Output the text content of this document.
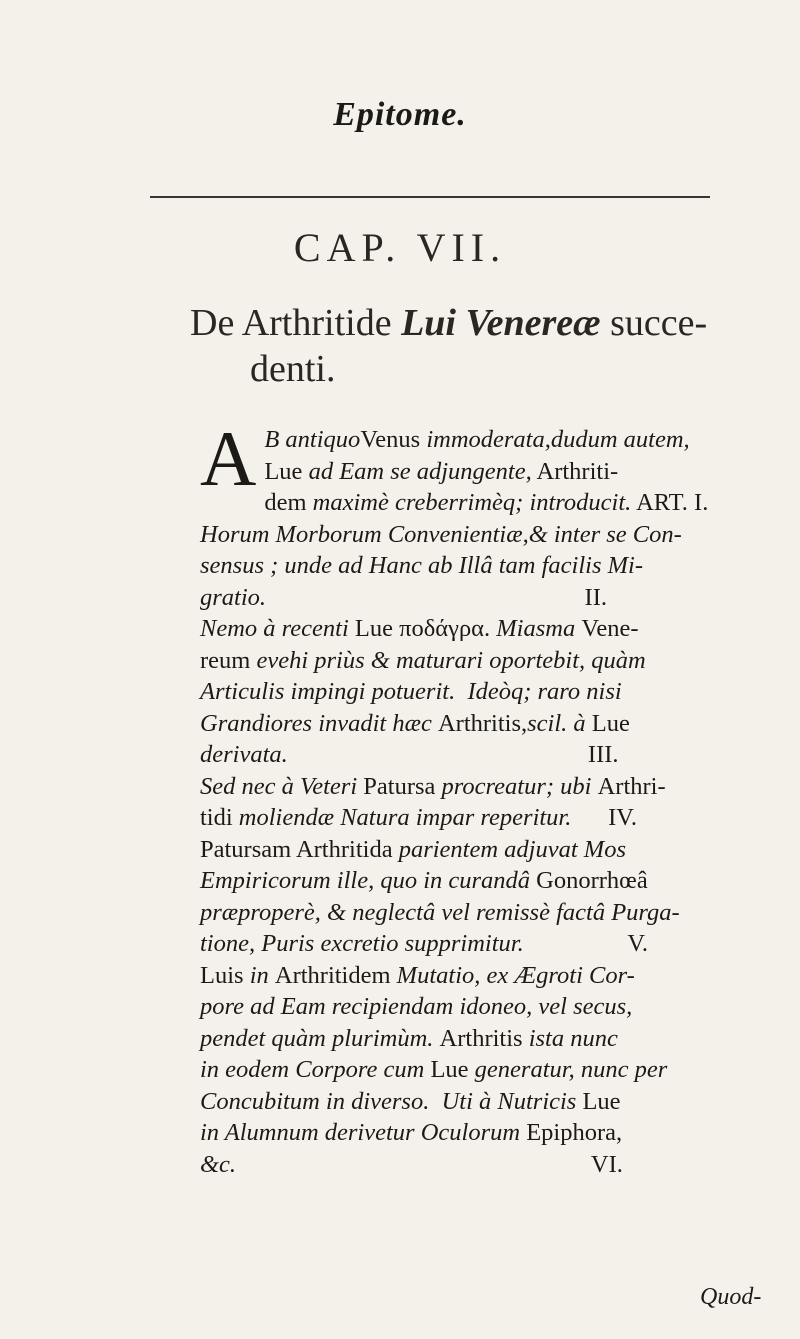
Epitome.
CAP. VII.
De Arthritide Lui Venereæ succe-
denti.
A B antiquoVenus immoderata,dudum autem,
Lue ad Eam se adjungente, Arthriti-
dem maximè creberrimèq; introducit. ART. I.
Horum Morborum Convenientiæ,& inter se Con-
sensus ; unde ad Hanc ab Illâ tam facilis Mi-
gratio.                                                    II.
Nemo à recenti Lue ποδάγρα. Miasma Vene-
reum evehi priùs & maturari oportebit, quàm
Articulis impingi potuerit.  Ideòq; raro nisi
Grandiores invadit hæc Arthritis,scil. à Lue
derivata.                                                 III.
Sed nec à Veteri Patursa procreatur; ubi Arthri-
tidi moliendæ Natura impar reperitur.      IV.
Patursam Arthritida parientem adjuvat Mos
Empiricorum ille, quo in curandâ Gonorrhœâ
præproperè, & neglectâ vel remissè factâ Purga-
tione, Puris excretio supprimitur.                 V.
Luis in Arthritidem Mutatio, ex Ægroti Cor-
pore ad Eam recipiendam idoneo, vel secus,
pendet quàm plurimùm. Arthritis ista nunc
in eodem Corpore cum Lue generatur, nunc per
Concubitum in diverso.  Uti à Nutricis Lue
in Alumnum derivetur Oculorum Epiphora,
&c.                                                          VI.
Quod-
